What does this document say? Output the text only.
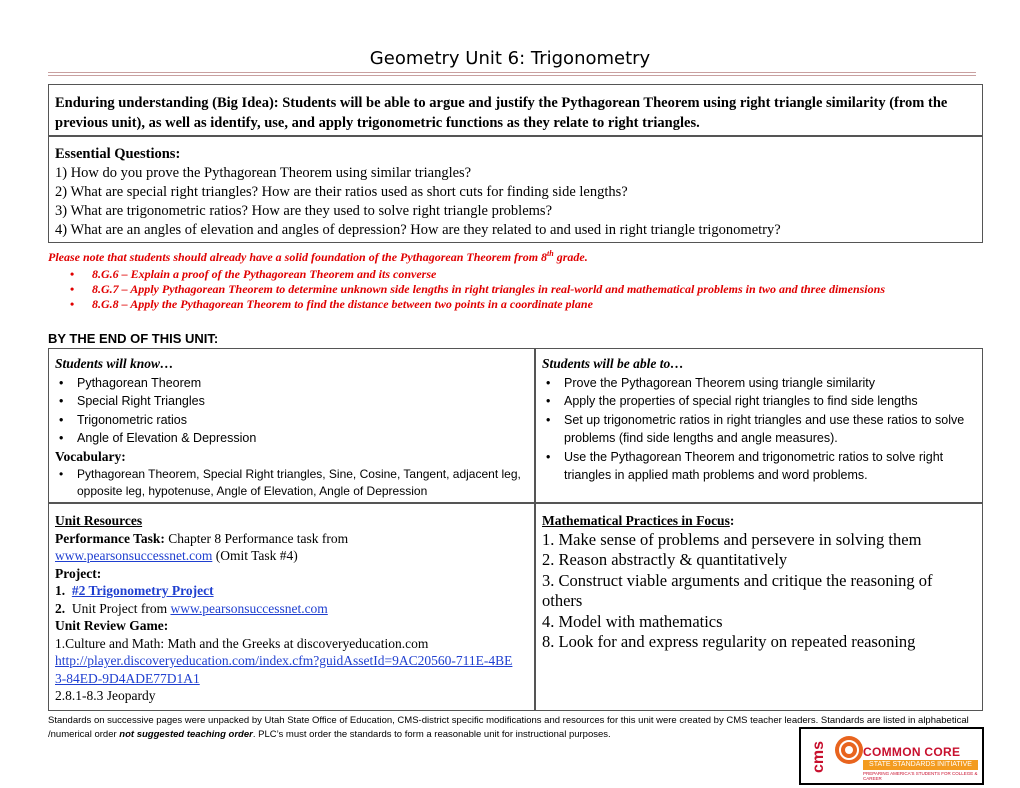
Geometry Unit 6: Trigonometry
Enduring understanding (Big Idea): Students will be able to argue and justify the Pythagorean Theorem using right triangle similarity (from the previous unit), as well as identify, use, and apply trigonometric functions as they relate to right triangles.
Essential Questions:
1) How do you prove the Pythagorean Theorem using similar triangles?
2) What are special right triangles? How are their ratios used as short cuts for finding side lengths?
3) What are trigonometric ratios? How are they used to solve right triangle problems?
4) What are an angles of elevation and angles of depression? How are they related to and used in right triangle trigonometry?
Please note that students should already have a solid foundation of the Pythagorean Theorem from 8th grade.
• 8.G.6 – Explain a proof of the Pythagorean Theorem and its converse
• 8.G.7 – Apply Pythagorean Theorem to determine unknown side lengths in right triangles in real-world and mathematical problems in two and three dimensions
• 8.G.8 – Apply the Pythagorean Theorem to find the distance between two points in a coordinate plane
BY THE END OF THIS UNIT:
Students will know…
• Pythagorean Theorem
• Special Right Triangles
• Trigonometric ratios
• Angle of Elevation & Depression
Vocabulary:
• Pythagorean Theorem, Special Right triangles, Sine, Cosine, Tangent, adjacent leg, opposite leg, hypotenuse, Angle of Elevation, Angle of Depression
Students will be able to…
• Prove the Pythagorean Theorem using triangle similarity
• Apply the properties of special right triangles to find side lengths
• Set up trigonometric ratios in right triangles and use these ratios to solve problems (find side lengths and angle measures).
• Use the Pythagorean Theorem and trigonometric ratios to solve right triangles in applied math problems and word problems.
Unit Resources
Performance Task: Chapter 8 Performance task from
www.pearsonsuccessnet.com (Omit Task #4)
Project:
1. #2 Trigonometry Project
2. Unit Project from www.pearsonsuccessnet.com
Unit Review Game:
1.Culture and Math: Math and the Greeks at discoveryeducation.com
http://player.discoveryeducation.com/index.cfm?guidAssetId=9AC20560-711E-4BE3-84ED-9D4ADE77D1A1
2.8.1-8.3 Jeopardy
Mathematical Practices in Focus:
1. Make sense of problems and persevere in solving them
2. Reason abstractly & quantitatively
3. Construct viable arguments and critique the reasoning of others
4. Model with mathematics
8. Look for and express regularity on repeated reasoning
Standards on successive pages were unpacked by Utah State Office of Education, CMS-district specific modifications and resources for this unit were created by CMS teacher leaders. Standards are listed in alphabetical /numerical order not suggested teaching order. PLC’s must order the standards to form a reasonable unit for instructional purposes.
cms	COMMON CORE
STATE STANDARDS INITIATIVE
PREPARING AMERICA'S STUDENTS FOR COLLEGE & CAREER
